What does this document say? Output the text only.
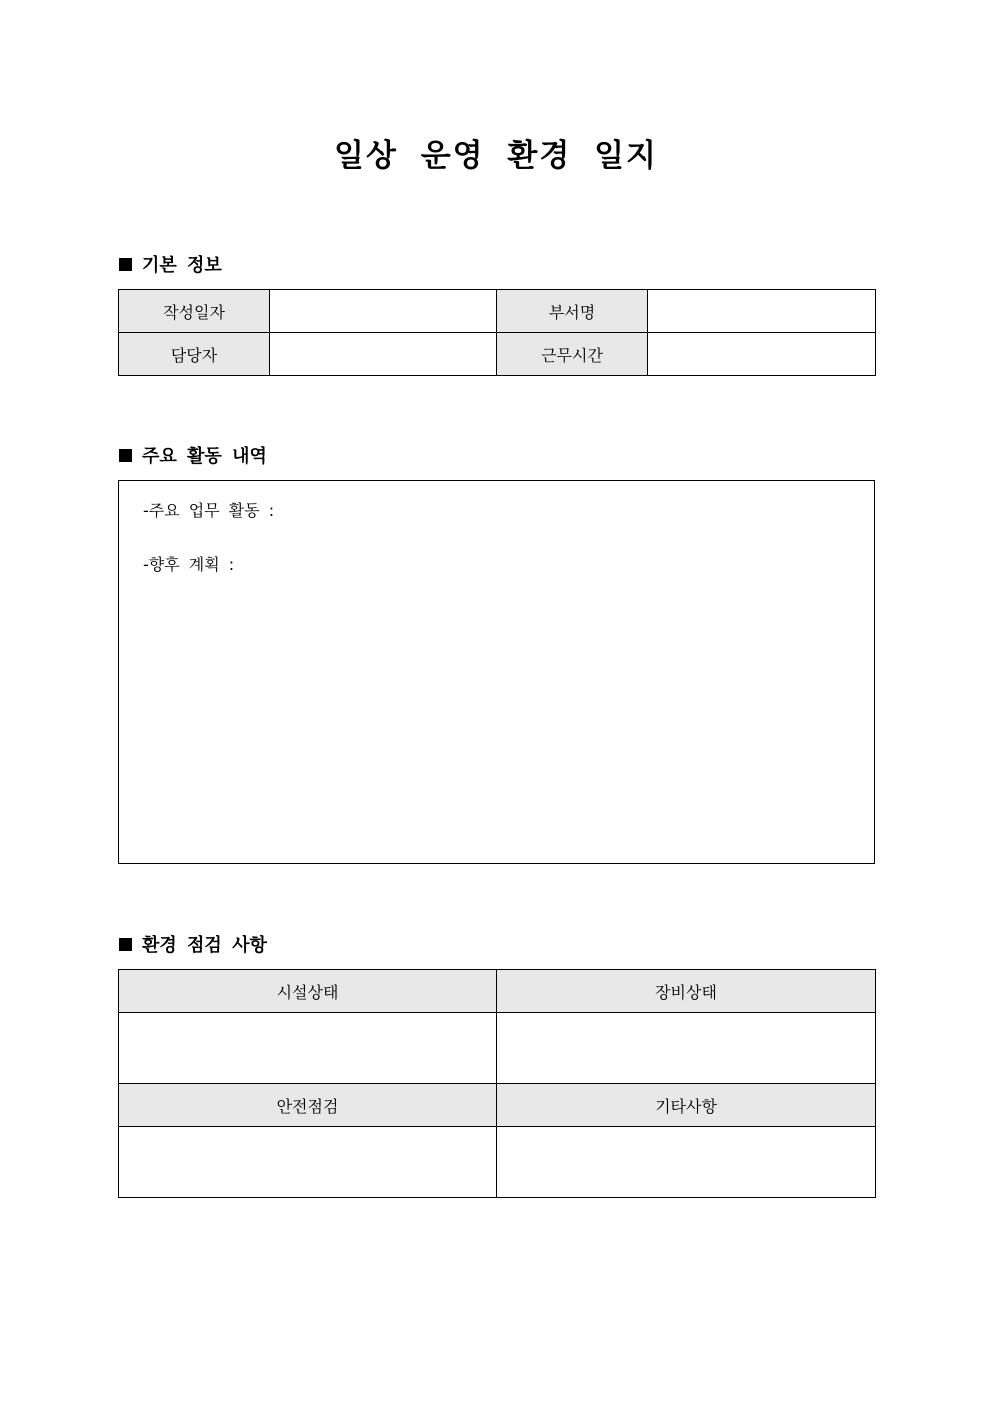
일상 운영 환경 일지
기본 정보
작성일자		부서명	
담당자		근무시간	
주요 활동 내역
-주요 업무 활동 :
-향후 계획 :
환경 점검 사항
시설상태	장비상태

안전점검	기타사항
